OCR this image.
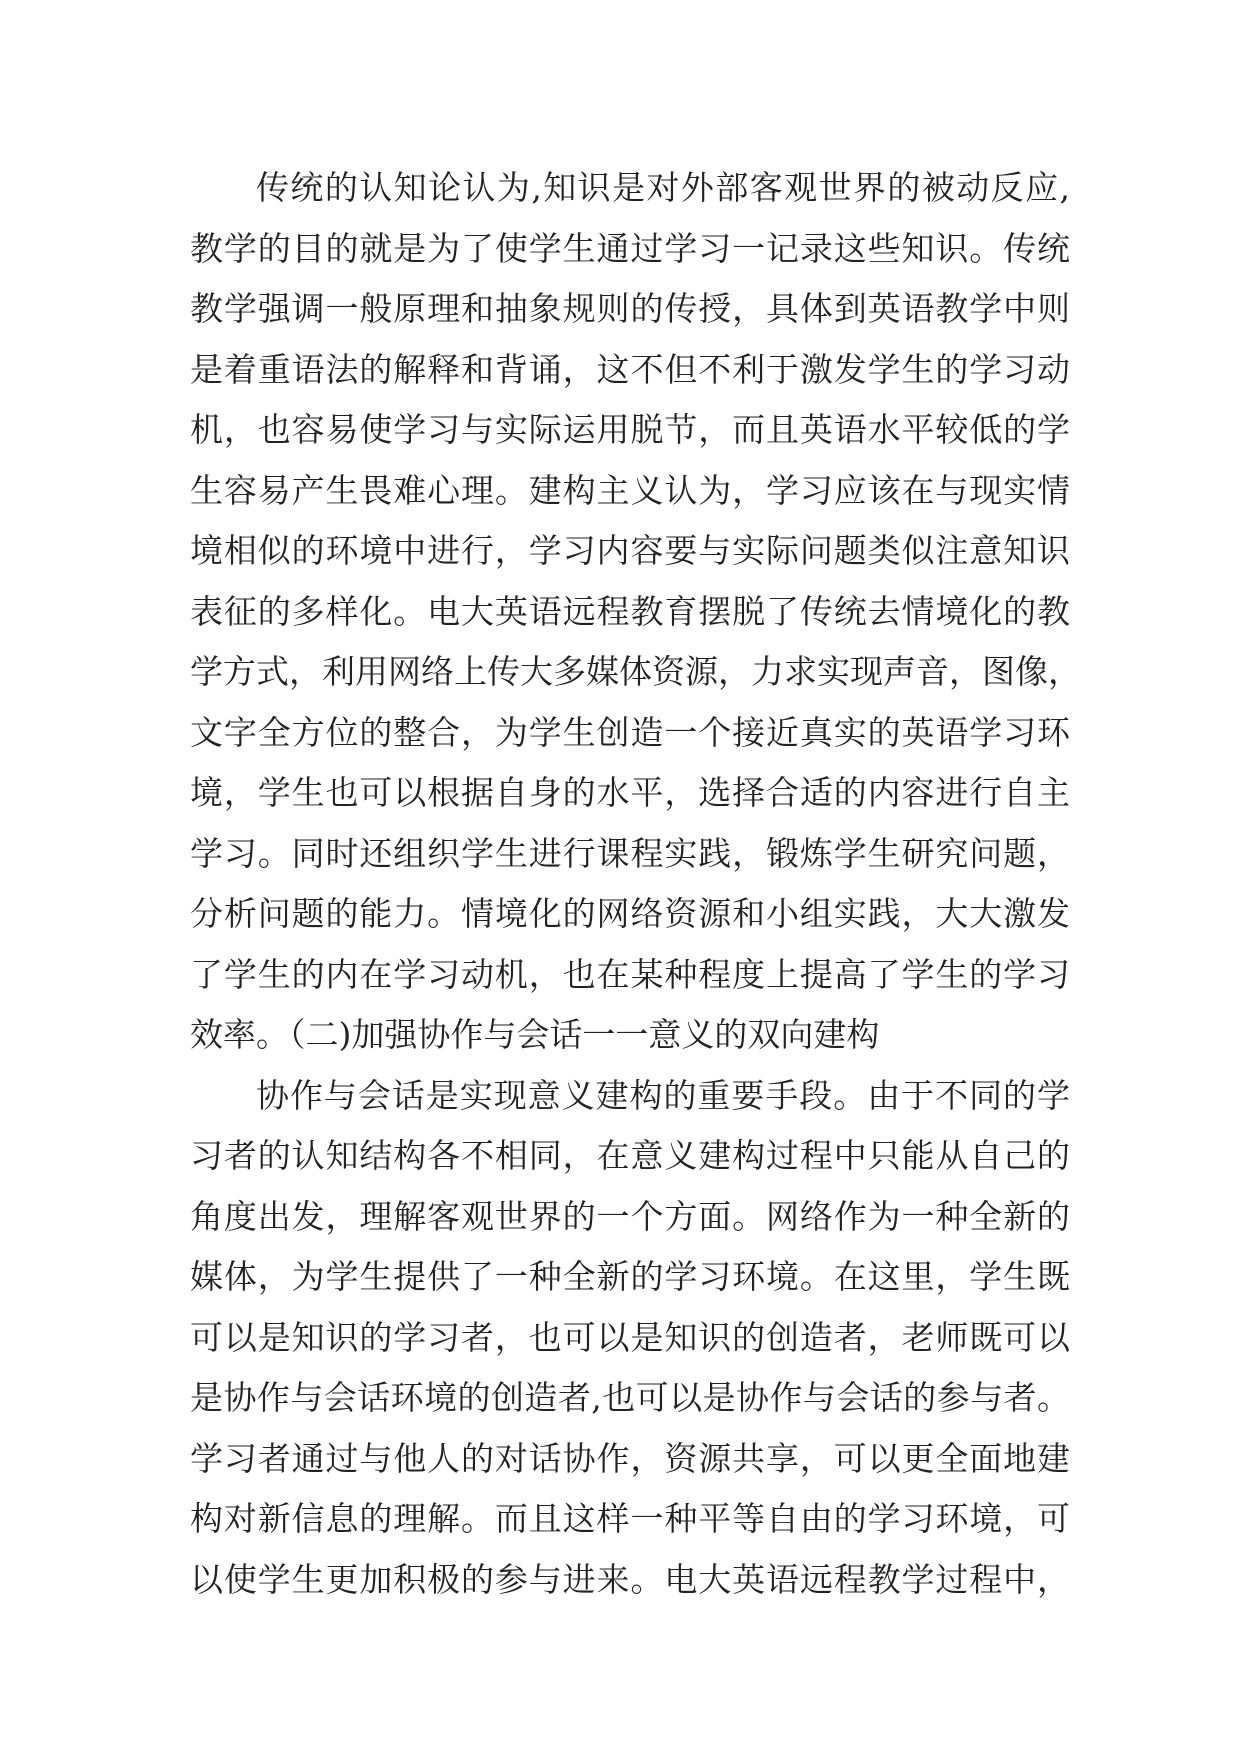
传统的认知论认为,知识是对外部客观世界的被动反应,
教学的目的就是为了使学生通过学习一记录这些知识。传统
教学强调一般原理和抽象规则的传授，具体到英语教学中则
是着重语法的解释和背诵，这不但不利于激发学生的学习动
机，也容易使学习与实际运用脱节，而且英语水平较低的学
生容易产生畏难心理。建构主义认为，学习应该在与现实情
境相似的环境中进行，学习内容要与实际问题类似注意知识
表征的多样化。电大英语远程教育摆脱了传统去情境化的教
学方式，利用网络上传大多媒体资源，力求实现声音，图像，
文字全方位的整合，为学生创造一个接近真实的英语学习环
境，学生也可以根据自身的水平，选择合适的内容进行自主
学习。同时还组织学生进行课程实践，锻炼学生研究问题，
分析问题的能力。情境化的网络资源和小组实践，大大激发
了学生的内在学习动机，也在某种程度上提高了学生的学习
效率。（二)加强协作与会话一一意义的双向建构
协作与会话是实现意义建构的重要手段。由于不同的学
习者的认知结构各不相同，在意义建构过程中只能从自己的
角度出发，理解客观世界的一个方面。网络作为一种全新的
媒体，为学生提供了一种全新的学习环境。在这里，学生既
可以是知识的学习者，也可以是知识的创造者，老师既可以
是协作与会话环境的创造者,也可以是协作与会话的参与者。
学习者通过与他人的对话协作，资源共享，可以更全面地建
构对新信息的理解。而且这样一种平等自由的学习环境，可
以使学生更加积极的参与进来。电大英语远程教学过程中，
